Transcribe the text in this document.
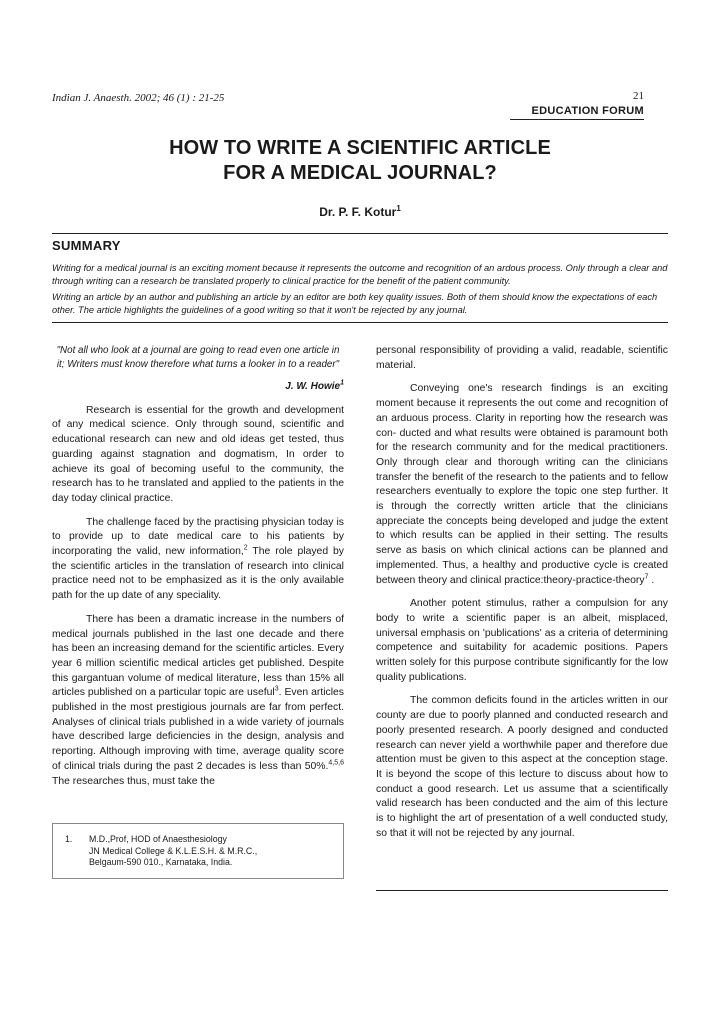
Indian J. Anaesth. 2002; 46 (1) : 21-25	21
EDUCATION FORUM
HOW TO WRITE A SCIENTIFIC ARTICLE
FOR A MEDICAL JOURNAL?
Dr. P. F. Kotur$^1$
SUMMARY

Writing for a medical journal is an exciting moment because it represents the outcome and recognition of an ardous process. Only through a clear and through writing can a research be translated properly to clinical practice for the benefit of the patient community.

Writing an article by an author and publishing an article by an editor are both key quality issues. Both of them should know the expectations of each other. The article highlights the guidelines of a good writing so that it won't be rejected by any journal.

"Not all who look at a journal are going to read even one article in it; Writers must know therefore what turns a looker in to a reader"

J. W. Howie$^1$

Research is essential for the growth and development of any medical science. Only through sound, scientific and educational research can new and old ideas get tested, thus guarding against stagnation and dogmatism, In order to achieve its goal of becoming useful to the community, the research has to he translated and applied to the patients in the day today clinical practice.

The challenge faced by the practising physician today is to provide up to date medical care to his patients by incorporating the valid, new information,$^2$ The role played by the scientific articles in the translation of research into clinical practice need not to be emphasized as it is the only available path for the up date of any speciality.

There has been a dramatic increase in the numbers of medical journals published in the last one decade and there has been an increasing demand for the scientific articles. Every year 6 million scientific medical articles get published. Despite this gargantuan volume of medical literature, less than 15% all articles published on a particular topic are useful$^3$. Even articles published in the most prestigious journals are far from perfect. Analyses of clinical trials published in a wide variety of journals have described large deficiencies in the design, analysis and reporting. Although improving with time, average quality score of clinical trials during the past 2 decades is less than 50%.$^{4,5,6}$ The researches thus, must take the

1. M.D.,Prof, HOD of Anaesthesiology
JN Medical College & K.L.E.S.H. & M.R.C.,
Belgaum-590 010., Karnataka, India.

personal responsibility of providing a valid, readable, scientific material.

Conveying one's research findings is an exciting moment because it represents the out come and recognition of an arduous process. Clarity in reporting how the research was con- ducted and what results were obtained is paramount both for the research community and for the medical practitioners. Only through clear and thorough writing can the clinicians transfer the benefit of the research to the patients and to fellow researchers eventually to explore the topic one step further. It is through the correctly written article that the clinicians appreciate the concepts being developed and judge the extent to which results can be applied in their setting. The results serve as basis on which clinical actions can be planned and implemented. Thus, a healthy and productive cycle is created between theory and clinical practice:theory-practice-theory$^7$ .

Another potent stimulus, rather a compulsion for any body to write a scientific paper is an albeit, misplaced, universal emphasis on 'publications' as a criteria of determining competence and suitability for academic positions. Papers written solely for this purpose contribute significantly for the low quality publications.

The common deficits found in the articles written in our county are due to poorly planned and conducted research and poorly presented research. A poorly designed and conducted research can never yield a worthwhile paper and therefore due attention must be given to this aspect at the conception stage. It is beyond the scope of this lecture to discuss about how to conduct a good research. Let us assume that a scientifically valid research has been conducted and the aim of this lecture is to highlight the art of presentation of a well conducted study, so that it will not be rejected by any journal.
